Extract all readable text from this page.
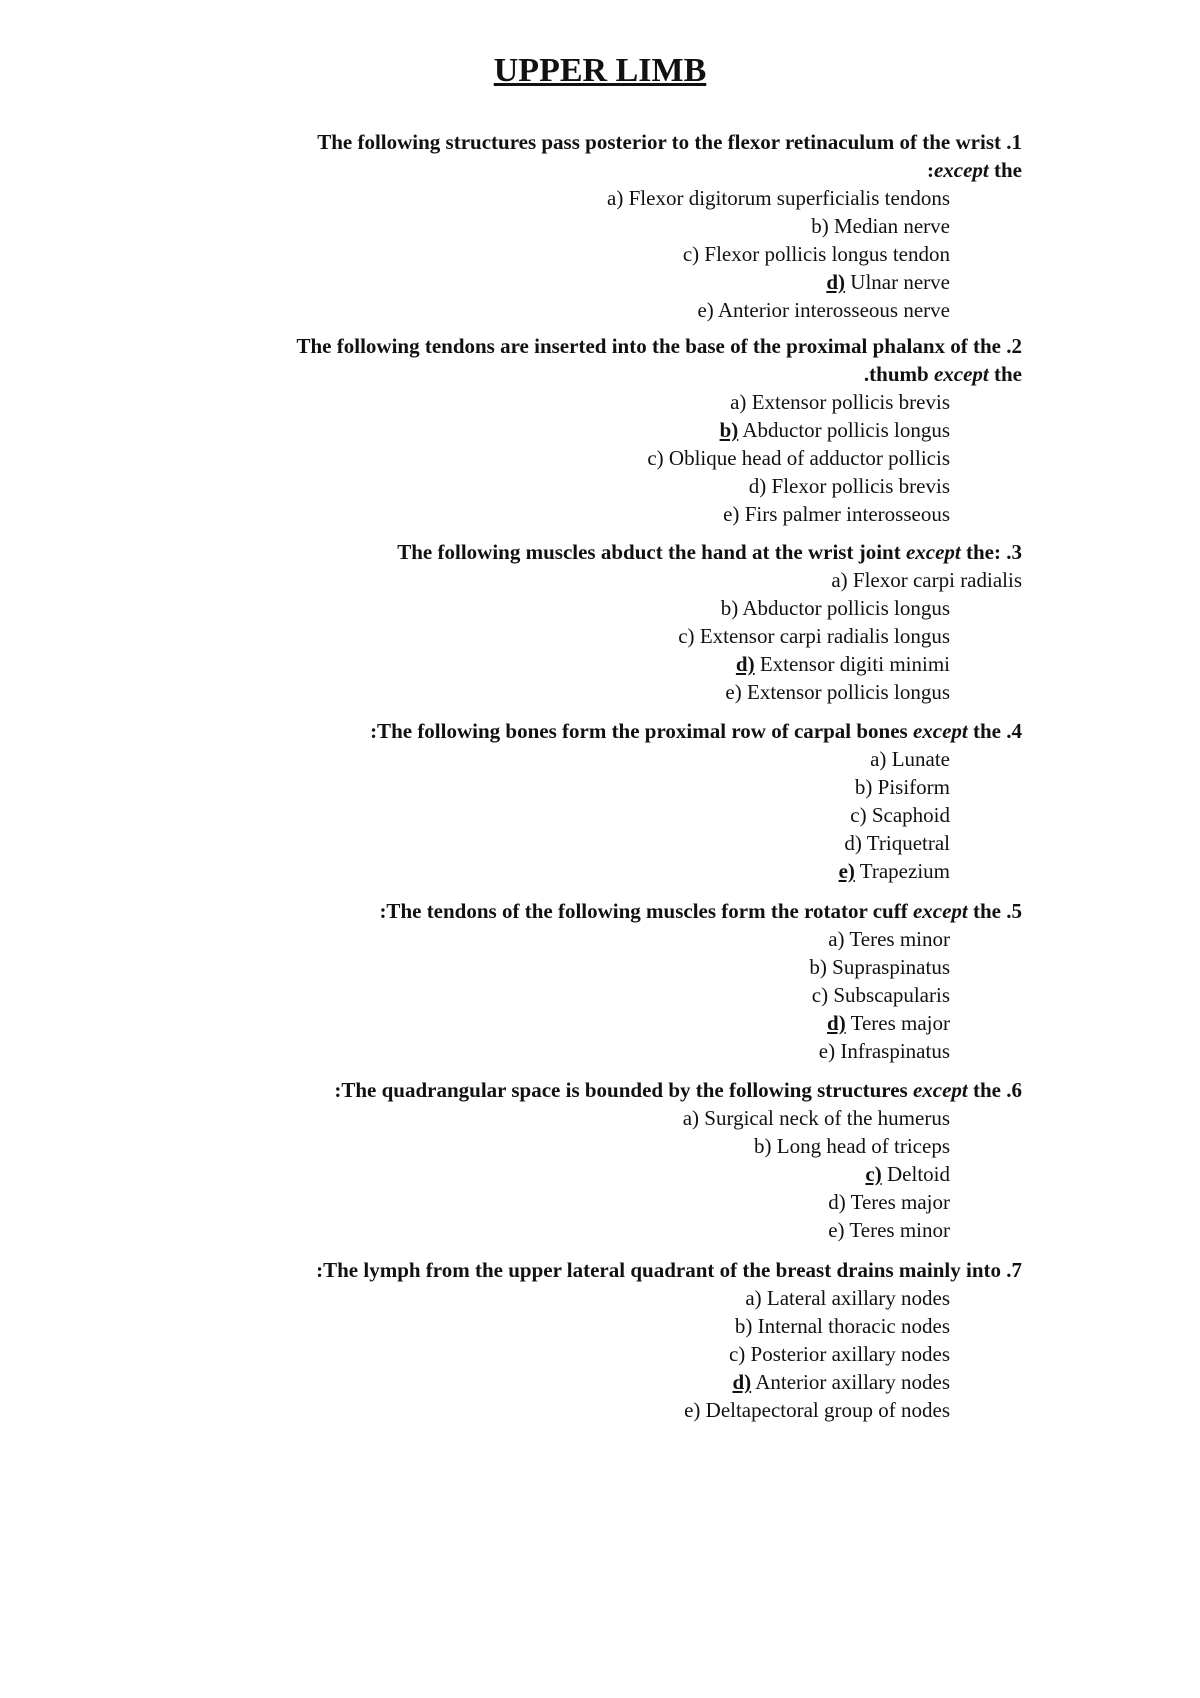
UPPER LIMB
The following structures pass posterior to the flexor retinaculum of the wrist .1
:except the
a) Flexor digitorum superficialis tendons
b) Median nerve
c) Flexor pollicis longus tendon
d) Ulnar nerve
e) Anterior interosseous nerve
The following tendons are inserted into the base of the proximal phalanx of the .2
.thumb except the
a) Extensor pollicis brevis
b) Abductor pollicis longus
c) Oblique head of adductor pollicis
d) Flexor pollicis brevis
e) Firs palmer interosseous
The following muscles abduct the hand at the wrist joint except the: .3
a) Flexor carpi radialis
b) Abductor pollicis longus
c) Extensor carpi radialis longus
d) Extensor digiti minimi
e) Extensor pollicis longus
:The following bones form the proximal row of carpal bones except the .4
a) Lunate
b) Pisiform
c) Scaphoid
d) Triquetral
e) Trapezium
:The tendons of the following muscles form the rotator cuff except the .5
a) Teres minor
b) Supraspinatus
c) Subscapularis
d) Teres major
e) Infraspinatus
:The quadrangular space is bounded by the following structures except the .6
a) Surgical neck of the humerus
b) Long head of triceps
c) Deltoid
d) Teres major
e) Teres minor
:The lymph from the upper lateral quadrant of the breast drains mainly into .7
a) Lateral axillary nodes
b) Internal thoracic nodes
c) Posterior axillary nodes
d) Anterior axillary nodes
e) Deltapectoral group of nodes
